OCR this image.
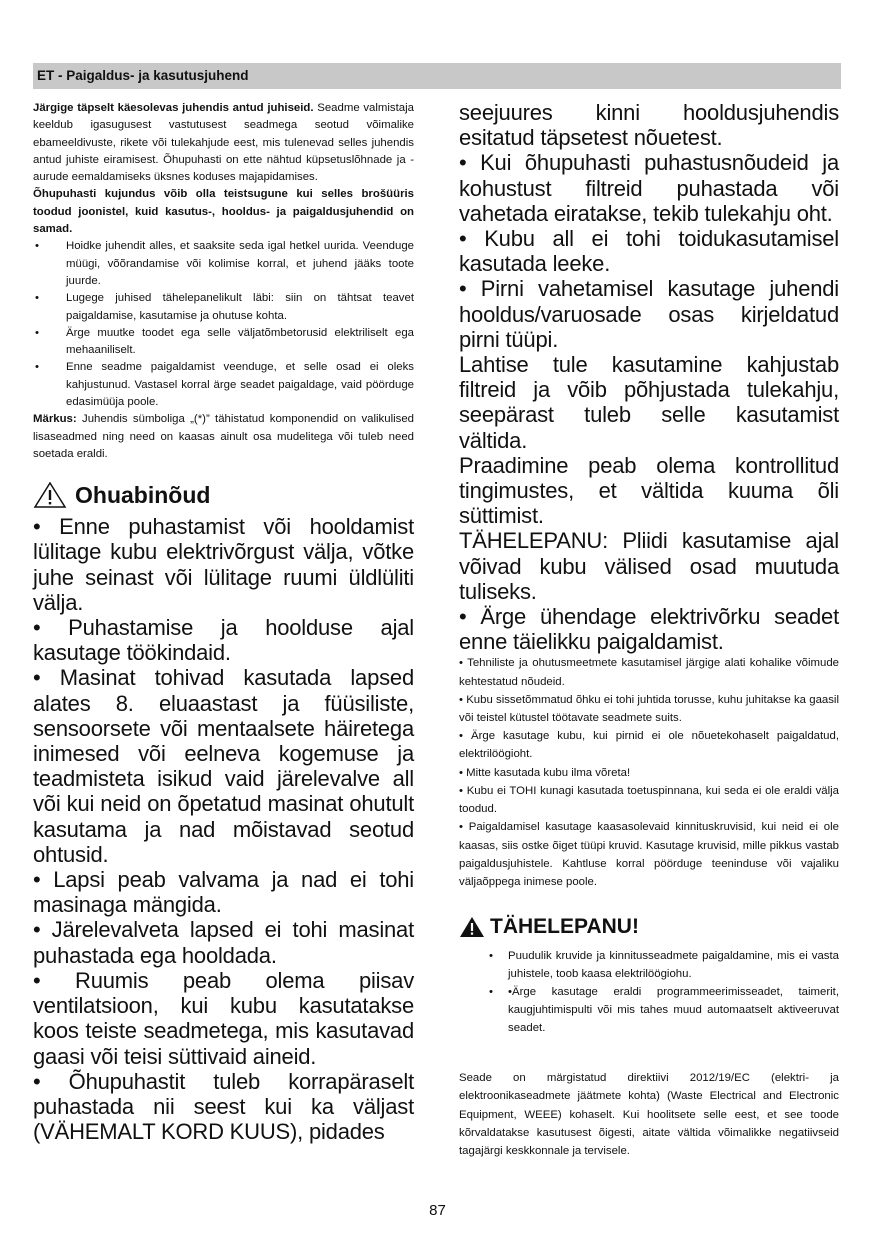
ET - Paigaldus- ja kasutusjuhend

Järgige täpselt käesolevas juhendis antud juhiseid. Seadme valmistaja keeldub igasugusest vastutusest seadmega seotud võimalike ebameeldivuste, rikete või tulekahjude eest, mis tulenevad selles juhendis antud juhiste eiramisest. Õhupuhasti on ette nähtud küpsetuslõhnade ja -aurude eemaldamiseks üksnes koduses majapidamises.

Õhupuhasti kujundus võib olla teistsugune kui selles brošüüris toodud joonistel, kuid kasutus-, hooldus- ja paigaldusjuhendid on samad.

• Hoidke juhendit alles, et saaksite seda igal hetkel uurida. Veenduge müügi, võõrandamise või kolimise korral, et juhend jääks toote juurde.
• Lugege juhised tähelepanelikult läbi: siin on tähtsat teavet paigaldamise, kasutamise ja ohutuse kohta.
• Ärge muutke toodet ega selle väljatõmbetorusid elektriliselt ega mehaaniliselt.
• Enne seadme paigaldamist veenduge, et selle osad ei oleks kahjustunud. Vastasel korral ärge seadet paigaldage, vaid pöörduge edasimüüja poole.

Märkus: Juhendis sümboliga „(*)” tähistatud komponendid on valikulised lisaseadmed ning need on kaasas ainult osa mudelitega või tuleb need soetada eraldi.

Ohuabinõud

• Enne puhastamist või hooldamist lülitage kubu elektrivõrgust välja, võtke juhe seinast või lülitage ruumi üldlüliti välja.

• Puhastamise ja hoolduse ajal kasutage töökindaid.

• Masinat tohivad kasutada lapsed alates 8. eluaastast ja füüsiliste, sensoorsete või mentaalsete häiretega inimesed või eelneva kogemuse ja teadmisteta isikud vaid järelevalve all või kui neid on õpetatud masinat ohutult kasutama ja nad mõistavad seotud ohtusid.

• Lapsi peab valvama ja nad ei tohi masinaga mängida.

• Järelevalveta lapsed ei tohi masinat puhastada ega hooldada.

• Ruumis peab olema piisav ventilatsioon, kui kubu kasutatakse koos teiste seadmetega, mis kasutavad gaasi või teisi süttivaid aineid.

• Õhupuhastit tuleb korrapäraselt puhastada nii seest kui ka väljast (VÄHEMALT KORD KUUS), pidades

seejuures kinni hooldusjuhendis esitatud täpsetest nõuetest.

• Kui õhupuhasti puhastusnõudeid ja kohustust filtreid puhastada või vahetada eiratakse, tekib tulekahju oht.

• Kubu all ei tohi toidukasutamisel kasutada leeke.

• Pirni vahetamisel kasutage juhendi hooldus/varuosade osas kirjeldatud pirni tüüpi.

Lahtise tule kasutamine kahjustab filtreid ja võib põhjustada tulekahju, seepärast tuleb selle kasutamist vältida.

Praadimine peab olema kontrollitud tingimustes, et vältida kuuma õli süttimist.

TÄHELEPANU: Pliidi kasutamise ajal võivad kubu välised osad muutuda tuliseks.

• Ärge ühendage elektrivõrku seadet enne täielikku paigaldamist.

• Tehniliste ja ohutusmeetmete kasutamisel järgige alati kohalike võimude kehtestatud nõudeid.

• Kubu sissetõmmatud õhku ei tohi juhtida torusse, kuhu juhitakse ka gaasil või teistel kütustel töötavate seadmete suits.

• Ärge kasutage kubu, kui pirnid ei ole nõuetekohaselt paigaldatud, elektrilöögioht.

• Mitte kasutada kubu ilma võreta!

• Kubu ei TOHI kunagi kasutada toetuspinnana, kui seda ei ole eraldi välja toodud.

• Paigaldamisel kasutage kaasasolevaid kinnituskruvisid, kui neid ei ole kaasas, siis ostke õiget tüüpi kruvid. Kasutage kruvisid, mille pikkus vastab paigaldusjuhistele. Kahtluse korral pöörduge teeninduse või vajaliku väljaõppega inimese poole.

TÄHELEPANU!
• Puudulik kruvide ja kinnitusseadmete paigaldamine, mis ei vasta juhistele, toob kaasa elektrilöögiohu.
• •Ärge kasutage eraldi programmeerimisseadet, taimerit, kaugjuhtimispulti või mis tahes muud automaatselt aktiveeruvat seadet.

Seade on märgistatud direktiivi 2012/19/EC (elektri- ja elektroonikaseadmete jäätmete kohta) (Waste Electrical and Electronic Equipment, WEEE) kohaselt. Kui hoolitsete selle eest, et see toode kõrvaldatakse kasutusest õigesti, aitate vältida võimalikke negatiivseid tagajärgi keskkonnale ja tervisele.

87
